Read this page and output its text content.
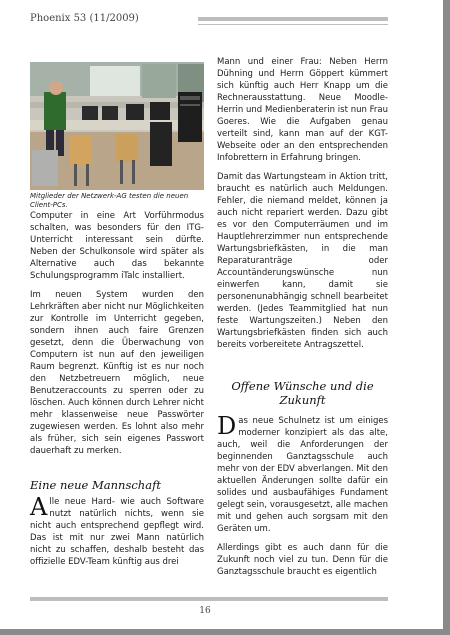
Phoenix 53 (11/2009)
Mitglieder der Netzwerk-AG testen die neuen Client-PCs.

Computer in eine Art Vorführmodus schalten, was besonders für den ITG-Unterricht interessant sein dürfte. Neben der Schulkonsole wird später als Alternative auch das bekannte Schulungsprogramm iTalc installiert.

Im neuen System wurden den Lehrkräften aber nicht nur Möglichkeiten zur Kontrolle im Unterricht gegeben, sondern ihnen auch faire Grenzen gesetzt, denn die Überwachung von Computern ist nun auf den jeweiligen Raum begrenzt. Künftig ist es nur noch den Netzbetreuern möglich, neue Benutzeraccounts zu sperren oder zu löschen. Auch können durch Lehrer nicht mehr klassenweise neue Passwörter zugewiesen werden. Es lohnt also mehr als früher, sich sein eigenes Passwort dauerhaft zu merken.

Eine neue Mannschaft

Alle neue Hard- wie auch Software nutzt natürlich nichts, wenn sie nicht auch entsprechend gepflegt wird. Das ist mit nur zwei Mann natürlich nicht zu schaffen, deshalb besteht das offizielle EDV-Team künftig aus drei

Mann und einer Frau: Neben Herrn Dühning und Herrn Göppert kümmert sich künftig auch Herr Knapp um die Rechnerausstattung. Neue Moodle-Herrin und Medienberaterin ist nun Frau Goeres. Wie die Aufgaben genau verteilt sind, kann man auf der KGT-Webseite oder an den entsprechenden Infobrettern in Erfahrung bringen.

Damit das Wartungsteam in Aktion tritt, braucht es natürlich auch Meldungen. Fehler, die niemand meldet, können ja auch nicht repariert werden. Dazu gibt es vor den Computerräumen und im Hauptlehrerzimmer nun entsprechende Wartungsbriefkästen, in die man Reparaturanträge oder Accountänderungswünsche nun einwerfen kann, damit sie personenunabhängig schnell bearbeitet werden. (Jedes Teammitglied hat nun feste Wartungszeiten.) Neben den Wartungsbriefkästen finden sich auch bereits vorbereitete Antragszettel.

Offene Wünsche und die Zukunft

Das neue Schulnetz ist um einiges moderner konzipiert als das alte, auch, weil die Anforderungen der beginnenden Ganztagsschule auch mehr von der EDV abverlangen. Mit den aktuellen Änderungen sollte dafür ein solides und ausbaufähiges Fundament gelegt sein, vorausgesetzt, alle machen mit und gehen auch sorgsam mit den Geräten um.

Allerdings gibt es auch dann für die Zukunft noch viel zu tun. Denn für die Ganztagsschule braucht es eigentlich

16
